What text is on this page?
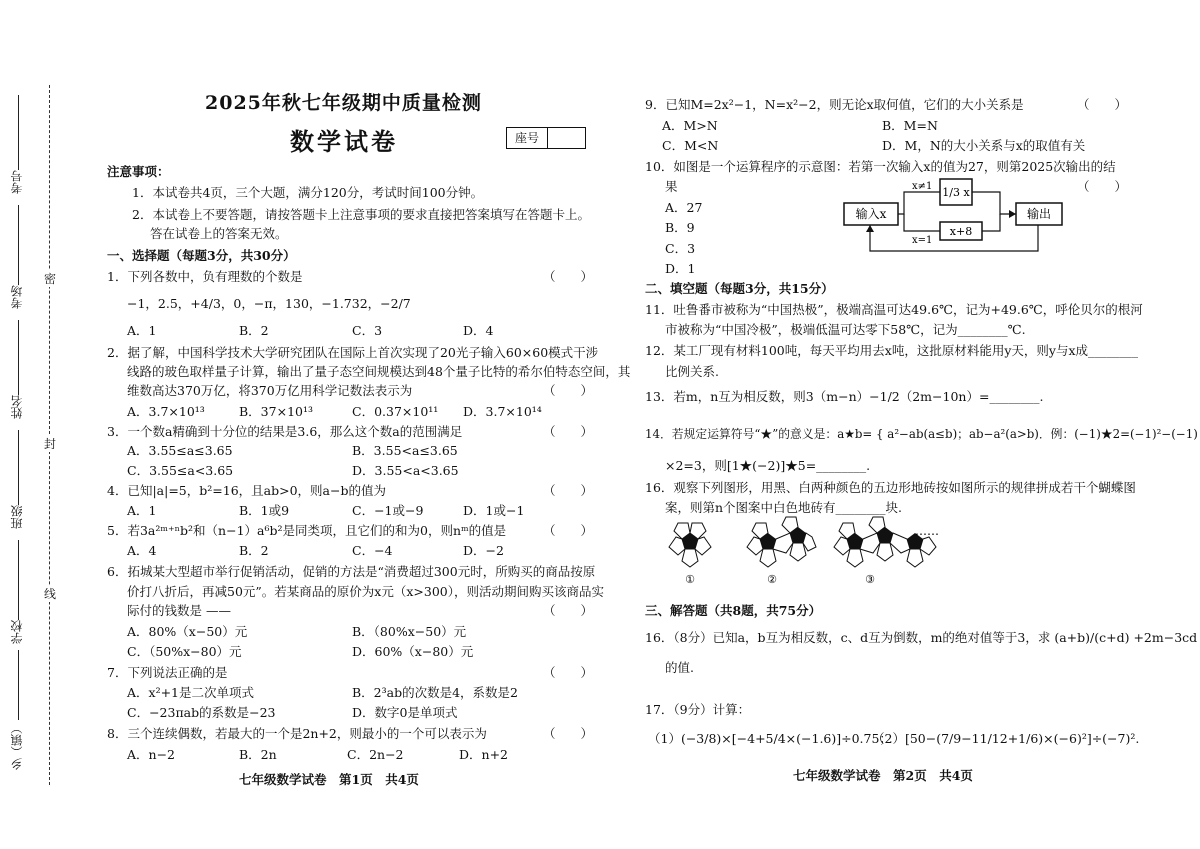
考号
考场
姓名
班级
学校
乡（镇）
密
封
线
2025年秋七年级期中质量检测
数学试卷	座号
注意事项：
1．本试卷共4页，三个大题，满分120分，考试时间100分钟。
2．本试卷上不要答题，请按答题卡上注意事项的要求直接把答案填写在答题卡上。
答在试卷上的答案无效。
一、选择题（每题3分，共30分）
1．下列各数中，负有理数的个数是	（　　）
−1，2.5，+4/3，0，−π，130，−1.732，−2/7
A．1	B．2	C．3	D．4
2．据了解，中国科学技术大学研究团队在国际上首次实现了20光子输入60×60模式干涉
线路的玻色取样量子计算，输出了量子态空间规模达到48个量子比特的希尔伯特态空间，其
维数高达370万亿，将370万亿用科学记数法表示为	（　　）
A．3.7×10¹³	B．37×10¹³	C．0.37×10¹¹ D．3.7×10¹⁴
3．一个数a精确到十分位的结果是3.6，那么这个数a的范围满足	（　　）
A．3.55≤a≤3.65	B．3.55<a≤3.65
C．3.55≤a<3.65	D．3.55<a<3.65
4．已知|a|=5，b²=16，且ab>0，则a−b的值为	（　　）
A．1	B．1或9	C．−1或−9	D．1或−1
5．若3a²ᵐ⁺ⁿb²和（n−1）a⁶b²是同类项，且它们的和为0，则nᵐ的值是	（　　）
A．4	B．2	C．−4	D．−2
6．拓城某大型超市举行促销活动，促销的方法是“消费超过300元时，所购买的商品按原
价打八折后，再减50元”。若某商品的原价为x元（x>300），则活动期间购买该商品实
际付的钱数是 ——	（　　）
A．80%（x−50）元	B．（80%x−50）元
C．（50%x−80）元	D．60%（x−80）元
7．下列说法正确的是	（　　）
A．x²+1是二次单项式	B．2³ab的次数是4，系数是2
C．−23πab的系数是−23	D．数字0是单项式
8．三个连续偶数，若最大的一个是2n+2，则最小的一个可以表示为	（　　）
A．n−2	B．2n	C．2n−2	D．n+2
七年级数学试卷　第1页　共4页
9．已知M=2x²−1，N=x²−2，则无论x取何值，它们的大小关系是	（　　）
A．M>N	B．M=N
C．M<N	D．M，N的大小关系与x的取值有关
10．如图是一个运算程序的示意图：若第一次输入x的值为27，则第2025次输出的结
果	（　　）
A．27
B．9
C．3
D．1
输入x	输出
x≠1
x=1
1/3 x
x+8
二、填空题（每题3分，共15分）
11．吐鲁番市被称为“中国热极”，极端高温可达49.6℃，记为+49.6℃，呼伦贝尔的根河
市被称为“中国冷极”，极端低温可达零下58℃，记为________℃.
12．某工厂现有材料100吨，每天平均用去x吨，这批原材料能用y天，则y与x成________
比例关系.
13．若m，n互为相反数，则3（m−n）−1/2（2m−10n）=________.
14．若规定运算符号“★”的意义是：a★b= { a²−ab(a≤b)；ab−a²(a>b)．例：(−1)★2=(−1)²−(−1)
×2=3，则[1★(−2)]★5=________.
16．观察下列图形，用黑、白两种颜色的五边形地砖按如图所示的规律拼成若干个蝴蝶图
案，则第n个图案中白色地砖有________块.
①	②	③
……
三、解答题（共8题，共75分）
16．（8分）已知a，b互为相反数，c、d互为倒数，m的绝对值等于3，求 (a+b)/(c+d) +2m−3cd
的值.
17．（9分）计算：
（1）(−3/8)×[−4+5/4×(−1.6)]÷0.75；
（2）[50−(7/9−11/12+1/6)×(−6)²]÷(−7)².
七年级数学试卷　第2页　共4页
